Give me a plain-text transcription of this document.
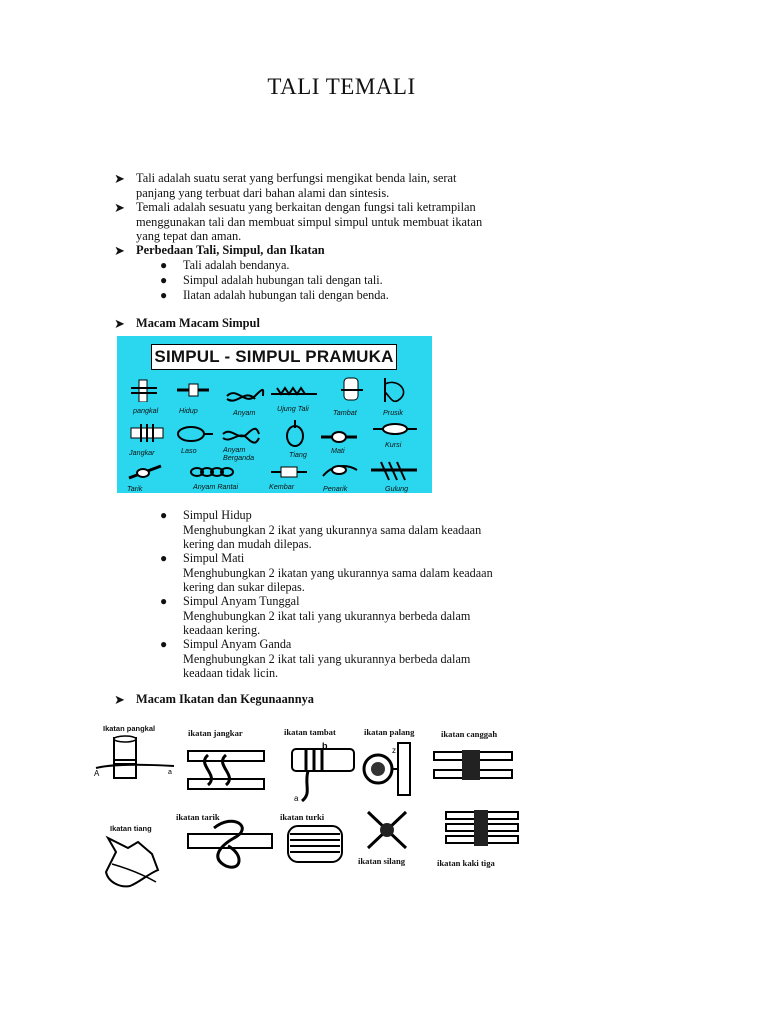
TALI TEMALI
➤ Tali adalah suatu serat yang berfungsi mengikat benda lain, serat
panjang yang terbuat dari bahan alami dan sintesis.
➤ Temali adalah sesuatu yang berkaitan dengan fungsi tali ketrampilan
menggunakan tali dan membuat simpul simpul untuk membuat ikatan
yang tepat dan aman.
➤ Perbedaan Tali, Simpul, dan Ikatan
● Tali adalah bendanya.
● Simpul adalah hubungan tali dengan tali.
● Ilatan adalah hubungan tali dengan benda.
➤ Macam Macam Simpul
SIMPUL - SIMPUL PRAMUKA
pangkal	Hidup	Anyam	Ujung Tali	Tambat	Prusik
Jangkar	Laso	Anyam Berganda	Tiang	Mati
Kursi
Tarik	Anyam Rantai	Kembar	Penarik	Gulung
● Simpul Hidup
Menghubungkan 2 ikat yang ukurannya sama dalam keadaan
kering dan mudah dilepas.
● Simpul Mati
Menghubungkan 2 ikatan yang ukurannya sama dalam keadaan
kering dan sukar dilepas.
● Simpul Anyam Tunggal
Menghubungkan 2 ikat tali yang ukurannya berbeda dalam
keadaan kering.
● Simpul Anyam Ganda
Menghubungkan 2 ikat tali yang ukurannya berbeda dalam
keadaan tidak licin.
➤ Macam Ikatan dan Kegunaannya
Ikatan pangkal	ikatan jangkar	ikatan tambat	ikatan palang	ikatan canggah
Ikatan tiang
ikatan tarik	ikatan turki
ikatan silang	ikatan kaki tiga
A	a
b
a
z
